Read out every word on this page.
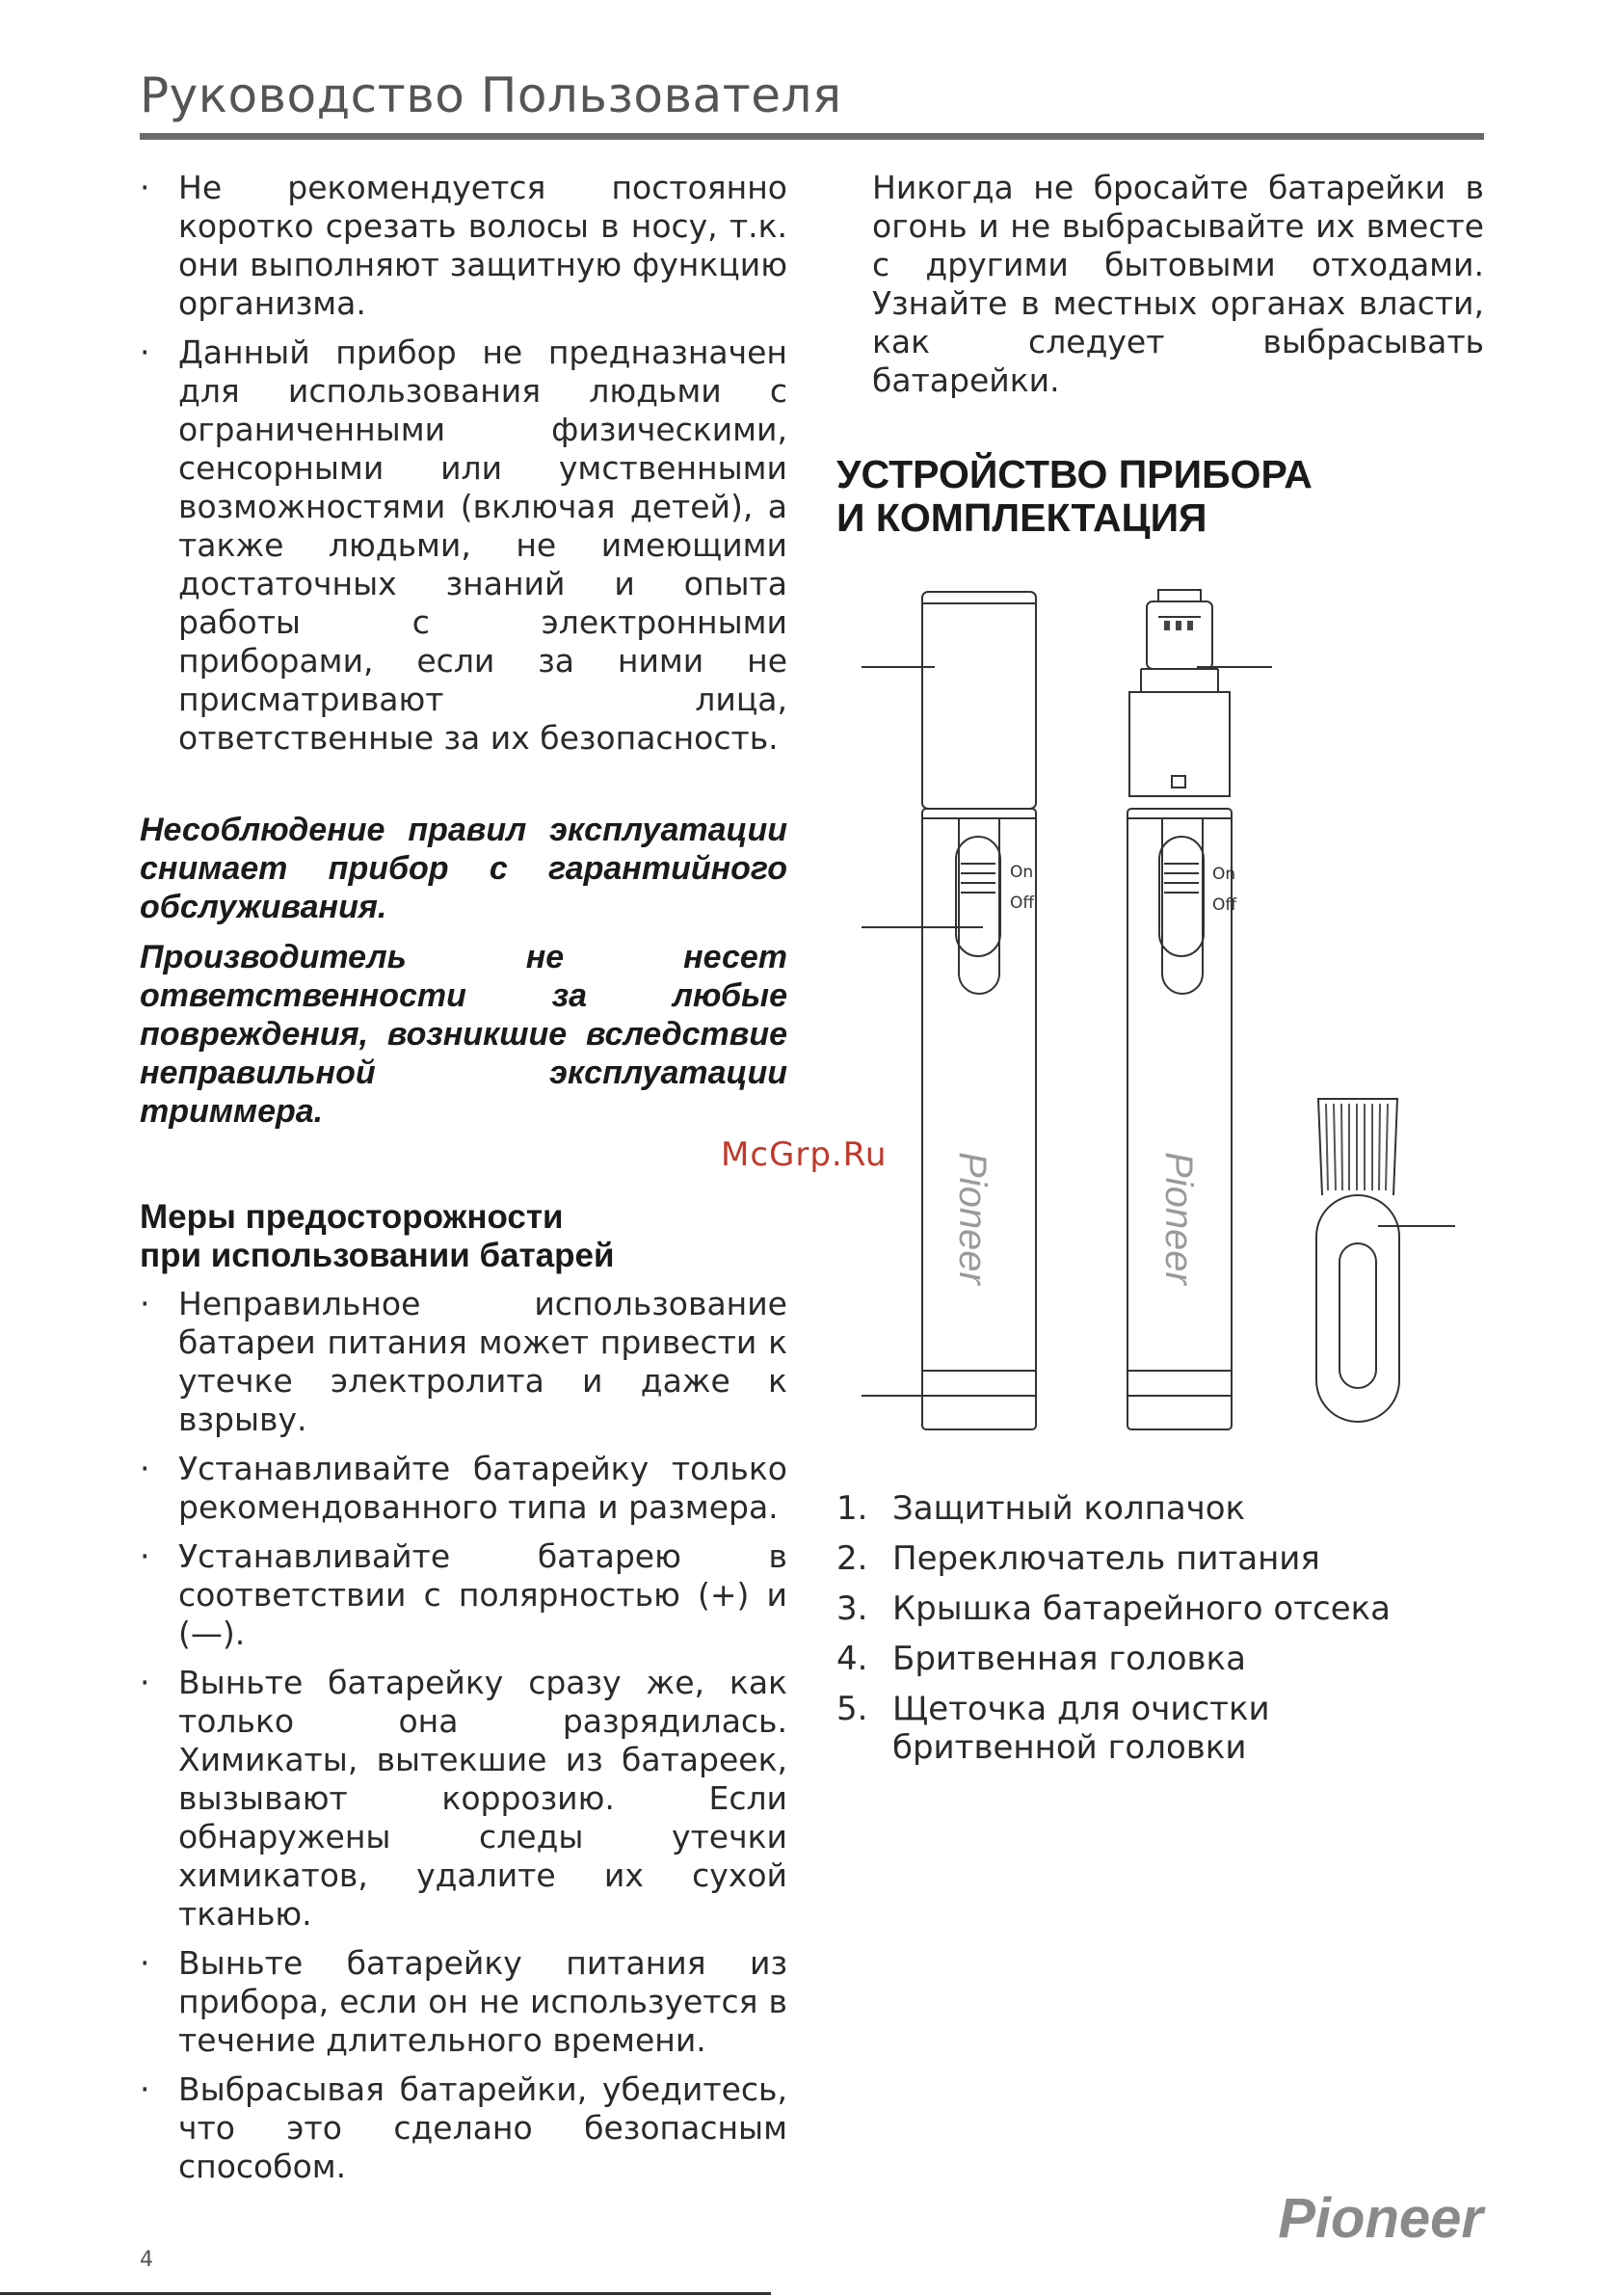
Руководство Пользователя
· Не рекомендуется постоянно коротко срезать волосы в носу, т.к. они выполняют защитную функцию организма.
· Данный прибор не предназначен для использования людьми с ограниченными физическими, сенсорными или умственными возможностями (включая детей), а также людьми, не имеющими достаточных знаний и опыта работы с электронными приборами, если за ними не присматривают лица, ответственные за их безопасность.

Несоблюдение правил эксплуатации снимает прибор с гарантийного обслуживания.

Производитель не несет ответственности за любые повреждения, возникшие вследствие неправильной эксплуатации триммера.

Меры предосторожности
при использовании батарей

· Неправильное использование батареи питания может привести к утечке электролита и даже к взрыву.
· Устанавливайте батарейку только рекомендованного типа и размера.
· Устанавливайте батарею в соответствии с полярностью (+) и (—).
· Выньте батарейку сразу же, как только она разрядилась. Химикаты, вытекшие из батареек, вызывают коррозию. Если обнаружены следы утечки химикатов, удалите их сухой тканью.
· Выньте батарейку питания из прибора, если он не используется в течение длительного времени.
· Выбрасывая батарейки, убедитесь, что это сделано безопасным способом.

Никогда не бросайте батарейки в огонь и не выбрасывайте их вместе с другими бытовыми отходами. Узнайте в местных органах власти, как следует выбрасывать батарейки.

УСТРОЙСТВО ПРИБОРА
И КОМПЛЕКТАЦИЯ
On
Off
On
Off
Pioneer	Pioneer
McGrp.Ru
1. Защитный колпачок
2. Переключатель питания
3. Крышка батарейного отсека
4. Бритвенная головка
5. Щеточка для очистки бритвенной головки
Pioneer
4
